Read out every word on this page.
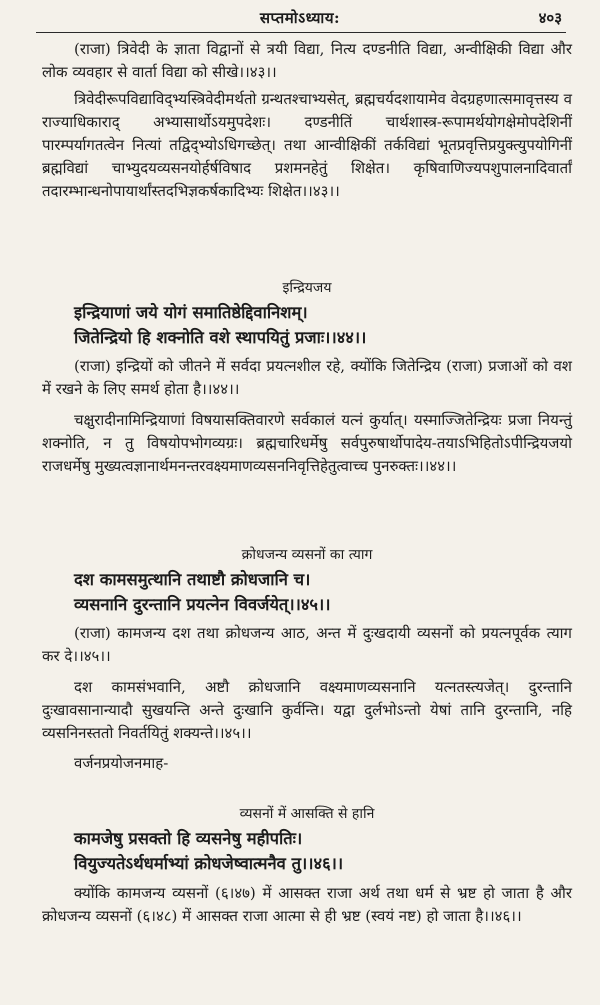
सप्तमोऽध्याय:	४०३

(राजा) त्रिवेदी के ज्ञाता विद्वानों से त्रयी विद्या, नित्य दण्डनीति विद्या, अन्वीक्षिकी विद्या और लोक व्यवहार से वार्ता विद्या को सीखे।।४३।।

त्रिवेदीरूपविद्याविद्भ्यस्त्रिवेदीमर्थतो ग्रन्थतश्चाभ्यसेत्, ब्रह्मचर्यदशायामेव वेदग्रहणात्समावृत्तस्य व राज्याधिकाराद् अभ्यासार्थोऽयमुपदेशः। दण्डनीतिं चार्थशास्त्र-रूपामर्थयोगक्षेमोपदेशिनीं पारम्पर्यागतत्वेन नित्यां तद्विद्भ्योऽधिगच्छेत्। तथा आन्वीक्षिकीं तर्कविद्यां भूतप्रवृत्तिप्रयुक्त्युपयोगिनीं ब्रह्मविद्यां चाभ्युदयव्यसनयोर्हर्षविषाद प्रशमनहेतुं शिक्षेत। कृषिवाणिज्यपशुपालनादिवार्तां तदारम्भान्धनोपायार्थांस्तदभिज्ञकर्षकादिभ्यः शिक्षेत।।४३।।

इन्द्रियजय

इन्द्रियाणां जये योगं समातिष्ठेद्दिवानिशम्।
जितेन्द्रियो हि शक्नोति वशे स्थापयितुं प्रजाः।।४४।।

(राजा) इन्द्रियों को जीतने में सर्वदा प्रयत्नशील रहे, क्योंकि जितेन्द्रिय (राजा) प्रजाओं को वश में रखने के लिए समर्थ होता है।।४४।।

चक्षुरादीनामिन्द्रियाणां विषयासक्तिवारणे सर्वकालं यत्नं कुर्यात्। यस्माज्जितेन्द्रियः प्रजा नियन्तुं शक्नोति, न तु विषयोपभोगव्यग्रः। ब्रह्मचारिधर्मेषु सर्वपुरुषार्थोपादेय-तयाऽभिहितोऽपीन्द्रियजयो राजधर्मेषु मुख्यत्वज्ञानार्थमनन्तरवक्ष्यमाणव्यसननिवृत्तिहेतुत्वाच्च पुनरुक्तः।।४४।।

क्रोधजन्य व्यसनों का त्याग

दश कामसमुत्थानि तथाष्टौ क्रोधजानि च।
व्यसनानि दुरन्तानि प्रयत्नेन विवर्जयेत्।।४५।।

(राजा) कामजन्य दश तथा क्रोधजन्य आठ, अन्त में दुःखदायी व्यसनों को प्रयत्नपूर्वक त्याग कर दे।।४५।।

दश कामसंभवानि, अष्टौ क्रोधजानि वक्ष्यमाणव्यसनानि यत्नतस्त्यजेत्। दुरन्तानि दुःखावसानान्यादौ सुखयन्ति अन्ते दुःखानि कुर्वन्ति। यद्वा दुर्लभोऽन्तो येषां तानि दुरन्तानि, नहि व्यसनिनस्ततो निवर्तयितुं शक्यन्ते।।४५।।

वर्जनप्रयोजनमाह-

व्यसनों में आसक्ति से हानि

कामजेषु प्रसक्तो हि व्यसनेषु महीपतिः।
वियुज्यतेऽर्थधर्माभ्यां क्रोधजेष्वात्मनैव तु।।४६।।

क्योंकि कामजन्य व्यसनों (६।४७) में आसक्त राजा अर्थ तथा धर्म से भ्रष्ट हो जाता है और क्रोधजन्य व्यसनों (६।४८) में आसक्त राजा आत्मा से ही भ्रष्ट (स्वयं नष्ट) हो जाता है।।४६।।
